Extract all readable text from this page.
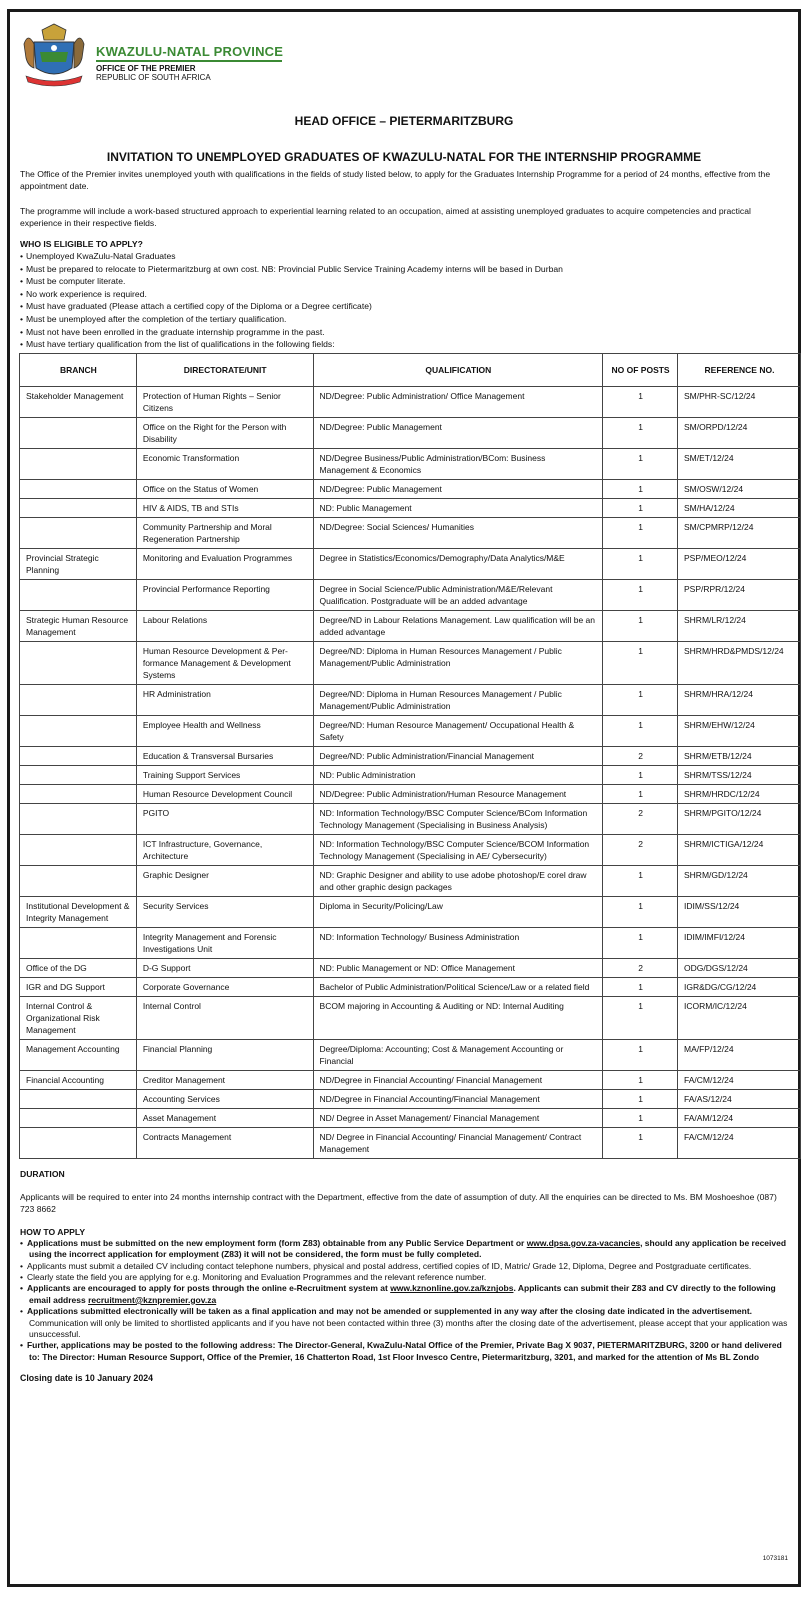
KWAZULU-NATAL PROVINCE
OFFICE OF THE PREMIER
REPUBLIC OF SOUTH AFRICA
HEAD OFFICE – PIETERMARITZBURG
INVITATION TO UNEMPLOYED GRADUATES OF KWAZULU-NATAL FOR THE INTERNSHIP PROGRAMME

The Office of the Premier invites unemployed youth with qualifications in the fields of study listed below, to apply for the Graduates Internship Programme for a period of 24 months, effective from the appointment date.

The programme will include a work-based structured approach to experiential learning related to an occupation, aimed at assisting unemployed graduates to acquire competencies and practical experience in their respective fields.

WHO IS ELIGIBLE TO APPLY?
• Unemployed KwaZulu-Natal Graduates
• Must be prepared to relocate to Pietermaritzburg at own cost. NB: Provincial Public Service Training Academy interns will be based in Durban
• Must be computer literate.
• No work experience is required.
• Must have graduated (Please attach a certified copy of the Diploma or a Degree certificate)
• Must be unemployed after the completion of the tertiary qualification.
• Must not have been enrolled in the graduate internship programme in the past.
• Must have tertiary qualification from the list of qualifications in the following fields:
BRANCH	DIRECTORATE/UNIT	QUALIFICATION	NO OF POSTS	REFERENCE NO.
Stakeholder Management	Protection of Human Rights – Senior Citizens	ND/Degree: Public Administration/ Office Management	1	SM/PHR-SC/12/24
	Office on the Right for the Person with Disability	ND/Degree: Public Management	1	SM/ORPD/12/24
	Economic Transformation	ND/Degree Business/Public Administration/BCom: Business Management & Economics	1	SM/ET/12/24
	Office on the Status of Women	ND/Degree: Public Management	1	SM/OSW/12/24
	HIV & AIDS, TB and STIs	ND: Public Management	1	SM/HA/12/24
	Community Partnership and Moral Regeneration Partnership	ND/Degree: Social Sciences/ Humanities	1	SM/CPMRP/12/24
Provincial Strategic Planning	Monitoring and Evaluation Programmes	Degree in Statistics/Economics/Demography/Data Analytics/M&E	1	PSP/MEO/12/24
	Provincial Performance Reporting	Degree in Social Science/Public Administration/M&E/Relevant Qualification. Postgraduate will be an added advantage	1	PSP/RPR/12/24
Strategic Human Resource Management	Labour Relations	Degree/ND in Labour Relations Management. Law qualification will be an added advantage	1	SHRM/LR/12/24
	Human Resource Development & Per-formance Management & Development Systems	Degree/ND: Diploma in Human Resources Management / Public Management/Public Administration	1	SHRM/HRD&PMDS/12/24
	HR Administration	Degree/ND: Diploma in Human Resources Management / Public Management/Public Administration	1	SHRM/HRA/12/24
	Employee Health and Wellness	Degree/ND: Human Resource Management/ Occupational Health & Safety	1	SHRM/EHW/12/24
	Education & Transversal Bursaries	Degree/ND: Public Administration/Financial Management	2	SHRM/ETB/12/24
	Training Support Services	ND: Public Administration	1	SHRM/TSS/12/24
	Human Resource Development Council	ND/Degree: Public Administration/Human Resource Management	1	SHRM/HRDC/12/24
	PGITO	ND: Information Technology/BSC Computer Science/BCom Information Technology Management (Specialising in Business Analysis)	2	SHRM/PGITO/12/24
	ICT Infrastructure, Governance, Architecture	ND: Information Technology/BSC Computer Science/BCOM Information Technology Management (Specialising in AE/ Cybersecurity)	2	SHRM/ICTIGA/12/24
	Graphic Designer	ND: Graphic Designer and ability to use adobe photoshop/E corel draw and other graphic design packages	1	SHRM/GD/12/24
Institutional Development & Integrity Management	Security Services	Diploma in Security/Policing/Law	1	IDIM/SS/12/24
	Integrity Management and Forensic Investigations Unit	ND: Information Technology/ Business Administration	1	IDIM/IMFI/12/24
Office of the DG	D-G Support	ND: Public Management or ND: Office Management	2	ODG/DGS/12/24
IGR and DG Support	Corporate Governance	Bachelor of Public Administration/Political Science/Law or a related field	1	IGR&DG/CG/12/24
Internal Control & Organizational Risk Management	Internal Control	BCOM majoring in Accounting & Auditing or ND: Internal Auditing	1	ICORM/IC/12/24
Management Accounting	Financial Planning	Degree/Diploma: Accounting; Cost & Management Accounting or Financial	1	MA/FP/12/24
Financial Accounting	Creditor Management	ND/Degree in Financial Accounting/ Financial Management	1	FA/CM/12/24
	Accounting Services	ND/Degree in Financial Accounting/Financial Management	1	FA/AS/12/24
	Asset Management	ND/ Degree in Asset Management/ Financial Management	1	FA/AM/12/24
	Contracts Management	ND/ Degree in Financial Accounting/ Financial Management/ Contract Management	1	FA/CM/12/24
DURATION

Applicants will be required to enter into 24 months internship contract with the Department, effective from the date of assumption of duty. All the enquiries can be directed to Ms. BM Moshoeshoe (087) 723 8662

HOW TO APPLY
• Applications must be submitted on the new employment form (form Z83) obtainable from any Public Service Department or www.dpsa.gov.za-vacancies, should any application be received using the incorrect application for employment (Z83) it will not be considered, the form must be fully completed.
• Applicants must submit a detailed CV including contact telephone numbers, physical and postal address, certified copies of ID, Matric/ Grade 12, Diploma, Degree and Postgraduate certificates.
• Clearly state the field you are applying for e.g. Monitoring and Evaluation Programmes and the relevant reference number.
• Applicants are encouraged to apply for posts through the online e-Recruitment system at www.kznonline.gov.za/kznjobs. Applicants can submit their Z83 and CV directly to the following email address recruitment@kznpremier.gov.za
• Applications submitted electronically will be taken as a final application and may not be amended or supplemented in any way after the closing date indicated in the advertisement. Communication will only be limited to shortlisted applicants and if you have not been contacted within three (3) months after the closing date of the advertisement, please accept that your application was unsuccessful.
• Further, applications may be posted to the following address: The Director-General, KwaZulu-Natal Office of the Premier, Private Bag X 9037, PIETERMARITZBURG, 3200 or hand delivered to: The Director: Human Resource Support, Office of the Premier, 16 Chatterton Road, 1st Floor Invesco Centre, Pietermaritzburg, 3201, and marked for the attention of Ms BL Zondo
Closing date is 10 January 2024
1073181
